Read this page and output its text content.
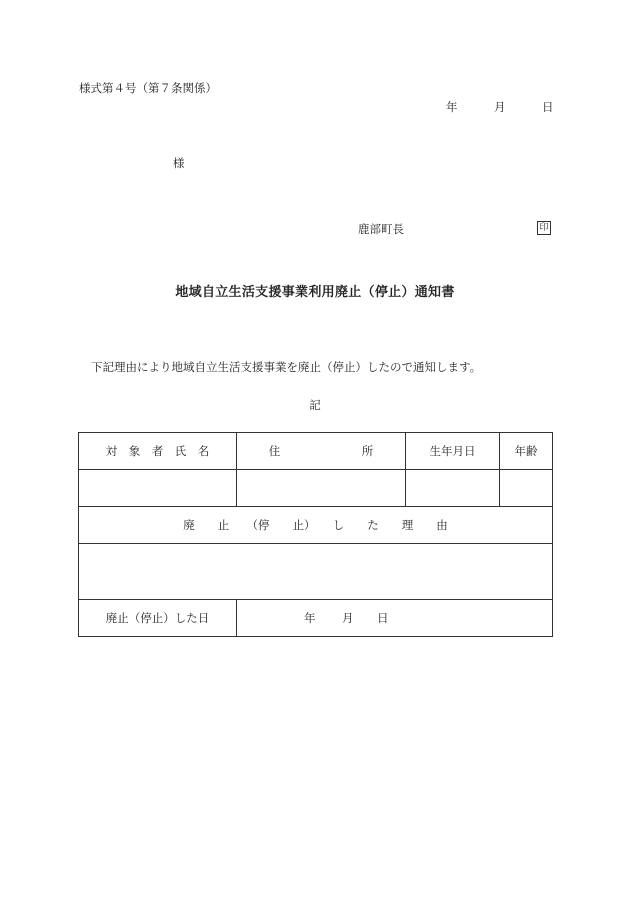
様式第４号（第７条関係）
年	月	日
様
鹿部町長	印
地域自立生活支援事業利用廃止（停止）通知書
下記理由により地域自立生活支援事業を廃止（停止）したので通知します。
記
対　象　者　氏　名	住 所	生年月日	年齢

廃　　止　　（停　　止）　　し　　た　　理　　由			

廃止（停止）した日	年 月 日		
